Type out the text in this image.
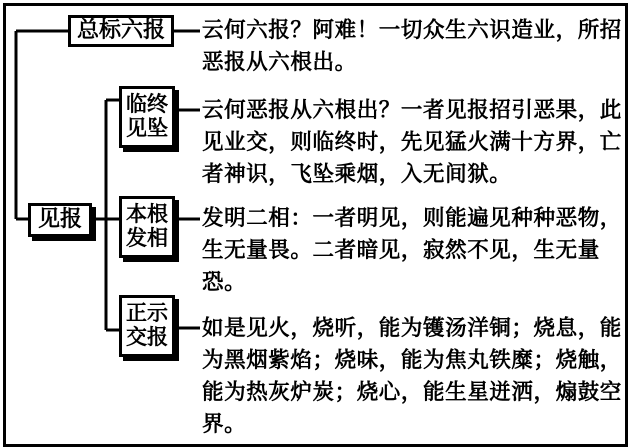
总标六报
见报
临终见坠
本根发相
正示交报
云何六报？阿难！一切众生六识造业，所招恶报从六根出。
云何恶报从六根出？一者见报招引恶果，此见业交，则临终时，先见猛火满十方界，亡者神识，飞坠乘烟，入无间狱。
发明二相：一者明见，则能遍见种种恶物，生无量畏。二者暗见，寂然不见，生无量恐。
如是见火，烧听，能为镬汤洋铜；烧息，能为黑烟紫焰；烧味，能为焦丸铁糜；烧触，能为热灰炉炭；烧心，能生星迸洒，煽鼓空界。
